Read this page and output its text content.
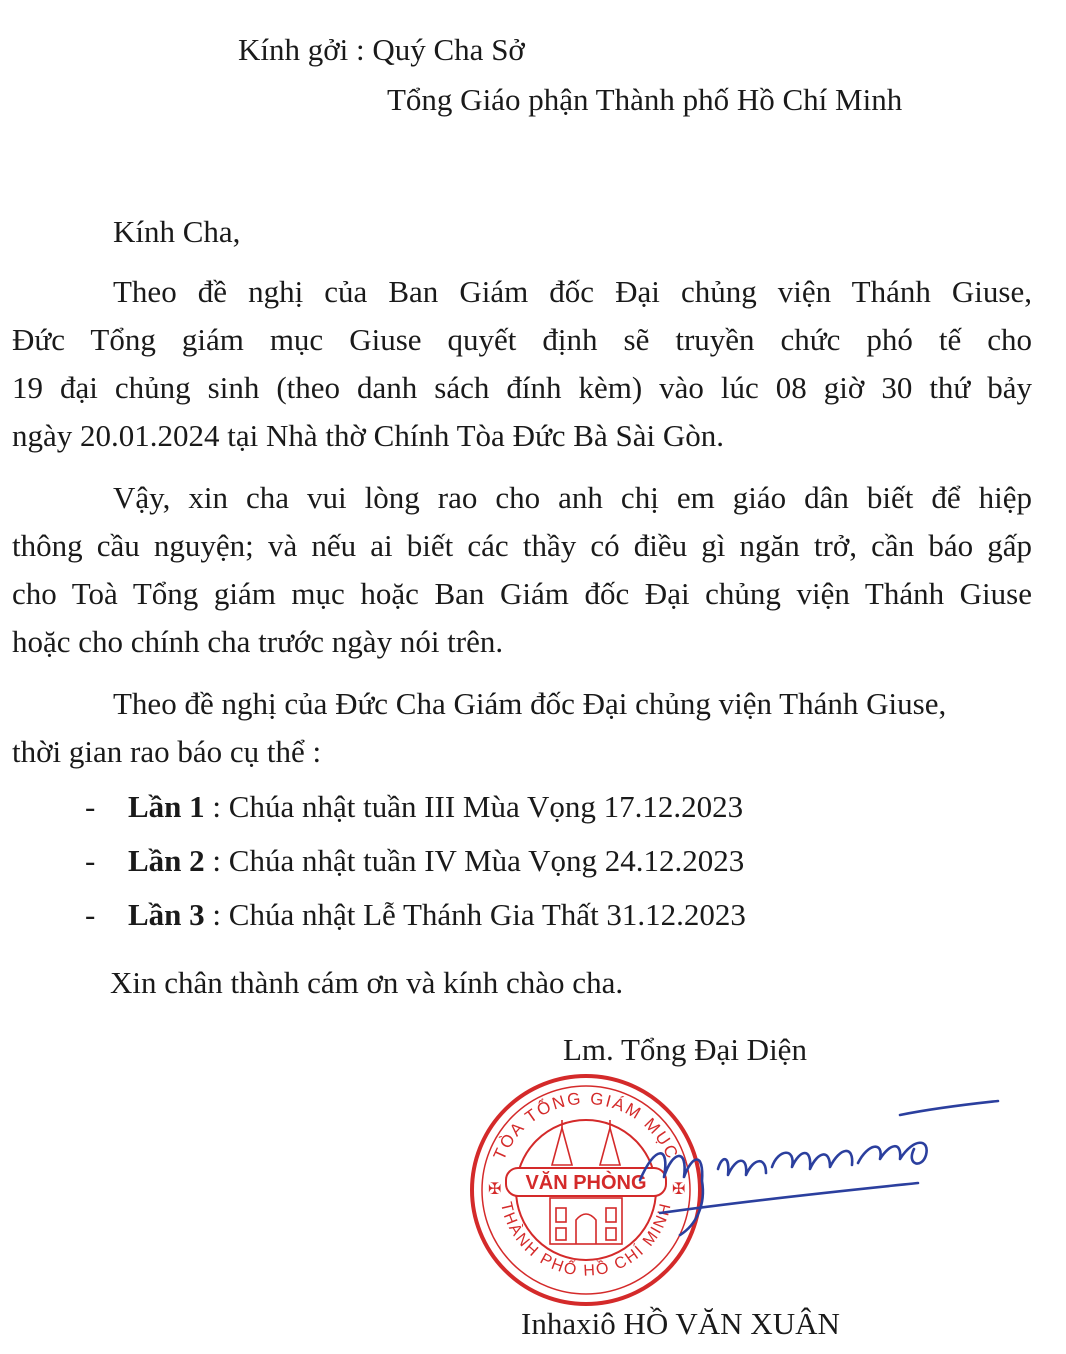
Kính gởi : Quý Cha Sở
Tổng Giáo phận Thành phố Hồ Chí Minh
Kính Cha,
Theo đề nghị của Ban Giám đốc Đại chủng viện Thánh Giuse,
Đức Tổng giám mục Giuse quyết định sẽ truyền chức phó tế cho
19 đại chủng sinh (theo danh sách đính kèm) vào lúc 08 giờ 30 thứ bảy
ngày 20.01.2024 tại Nhà thờ Chính Tòa Đức Bà Sài Gòn.
Vậy, xin cha vui lòng rao cho anh chị em giáo dân biết để hiệp
thông cầu nguyện; và nếu ai biết các thầy có điều gì ngăn trở, cần báo gấp
cho Toà Tổng giám mục hoặc Ban Giám đốc Đại chủng viện Thánh Giuse
hoặc cho chính cha trước ngày nói trên.
Theo đề nghị của Đức Cha Giám đốc Đại chủng viện Thánh Giuse,
thời gian rao báo cụ thể :
- Lần 1 : Chúa nhật tuần III Mùa Vọng 17.12.2023
- Lần 2 : Chúa nhật tuần IV Mùa Vọng 24.12.2023
- Lần 3 : Chúa nhật Lễ Thánh Gia Thất 31.12.2023
Xin chân thành cám ơn và kính chào cha.
Lm. Tổng Đại Diện
TÒA TỔNG GIÁM MỤC
THÀNH PHỐ HỒ CHÍ MINH
✠	✠
VĂN PHÒNG
Inhaxiô HỒ VĂN XUÂN
